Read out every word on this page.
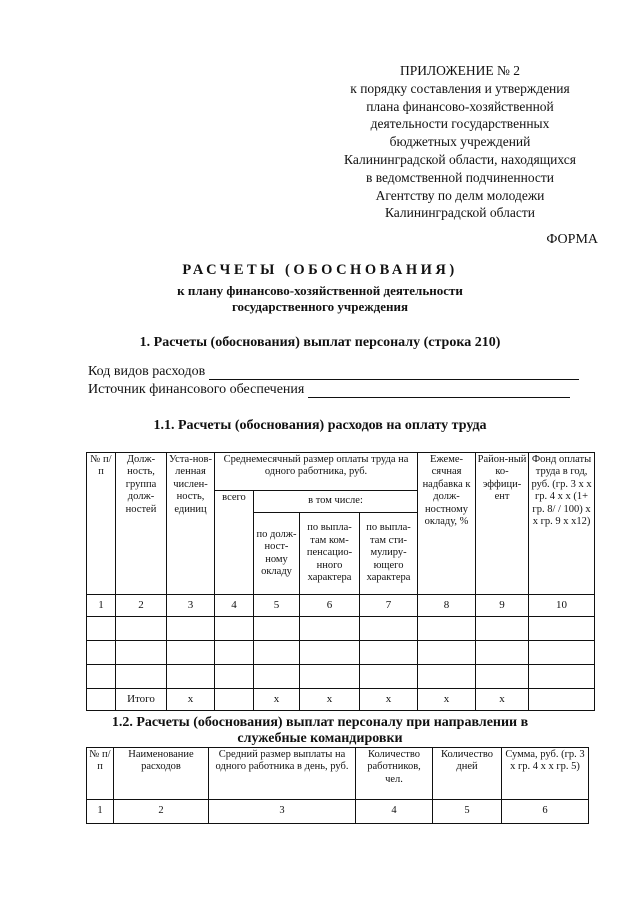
ПРИЛОЖЕНИЕ № 2
к порядку составления и утверждения
плана финансово-хозяйственной
деятельности государственных
бюджетных учреждений
Калининградской области, находящихся
в ведомственной подчиненности
Агентству по делм молодежи
Калининградской области
ФОРМА
РАСЧЕТЫ (ОБОСНОВАНИЯ)
к плану финансово-хозяйственной деятельности
государственного учреждения
1. Расчеты (обоснования) выплат персоналу (строка 210)
Код видов расходов
Источник финансового обеспечения
1.1. Расчеты (обоснования) расходов на оплату труда
№ п/п	Долж-ность, группа долж-ностей	Уста-нов-ленная числен-ность, единиц	Среднемесячный размер оплаты труда на одного работника, руб.				Ежеме-сячная надбавка к долж-ностному окладу, %	Район-ный ко-эффици-ент	Фонд оплаты труда в год, руб. (гр. 3 х х гр. 4 х х (1+ гр. 8/ / 100) х х гр. 9 х х12)
			всего	в том числе:					
				по долж-ност-ному окладу	по выпла-там ком-пенсацио-нного характера	по выпла-там сти-мулиру-ющего характера			
1	2	3	4	5	6	7	8	9	10

	Итого	x		x	x	x	x	x	
1.2. Расчеты (обоснования) выплат персоналу при направлении в
служебные командировки
№ п/п	Наименование расходов	Средний размер выплаты на одного работника в день, руб.	Количество работников, чел.	Количество дней	Сумма, руб. (гр. 3 х гр. 4 х х гр. 5)
1	2	3	4	5	6
